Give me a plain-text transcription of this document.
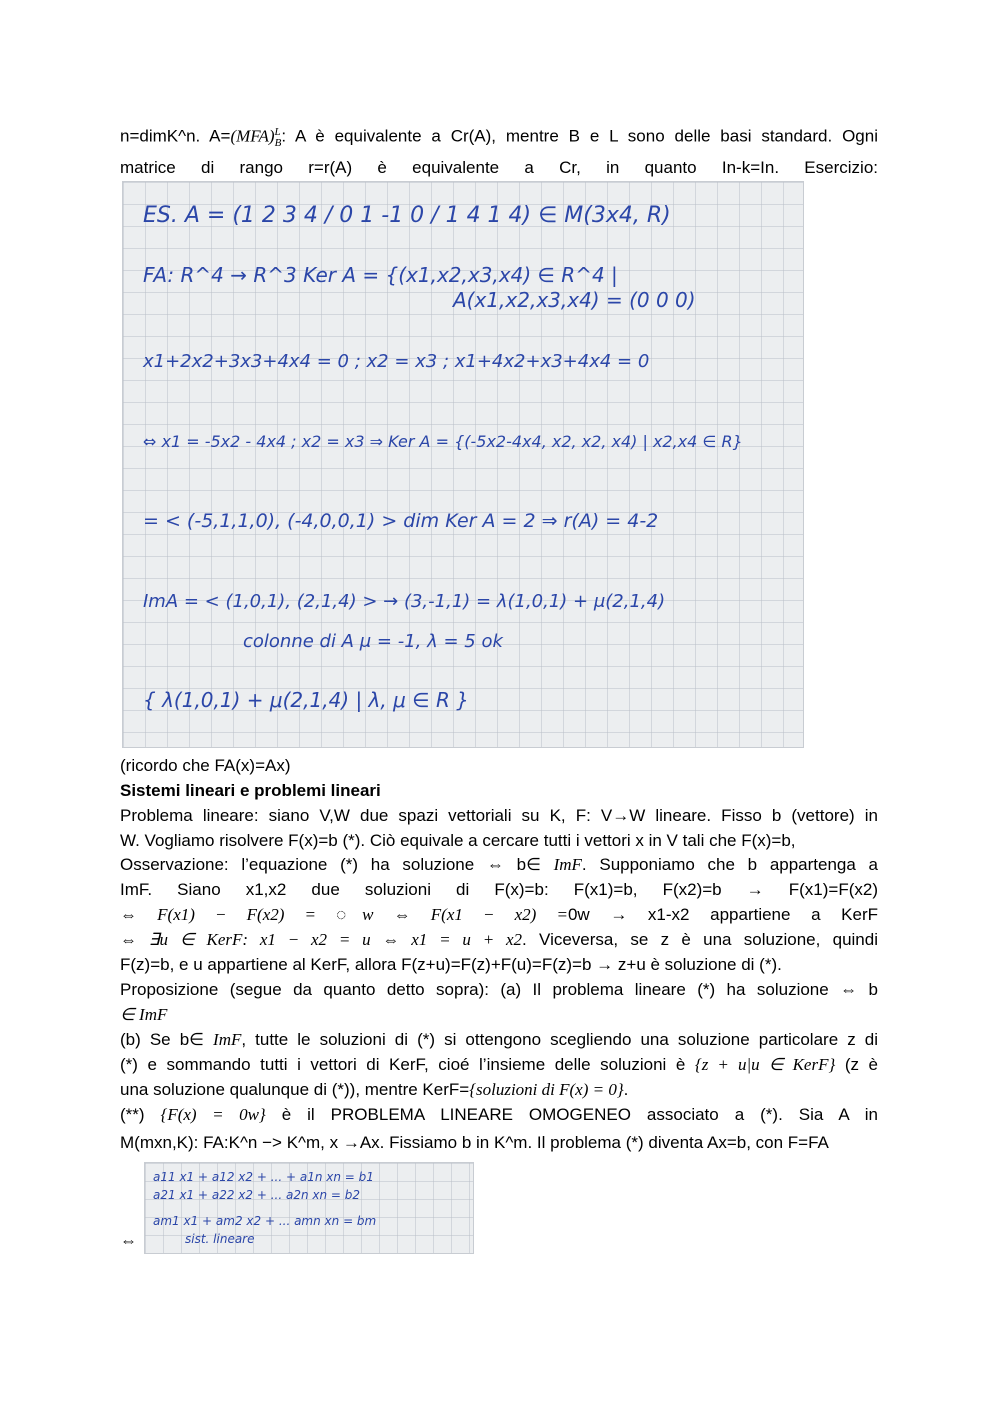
n=dimK^n. A=(MFA)$^L_B$: A è equivalente a Cr(A), mentre B e L sono delle basi standard. Ogni
matrice di rango r=r(A) è equivalente a Cr, in quanto In-k=In. Esercizio:
ES. A = (1 2 3 4 / 0 1 -1 0 / 1 4 1 4) ∈ M(3x4, R)
FA: R^4 → R^3 Ker A = {(x1,x2,x3,x4) ∈ R^4 |
A(x1,x2,x3,x4) = (0 0 0)
x1+2x2+3x3+4x4 = 0 ; x2 = x3 ; x1+4x2+x3+4x4 = 0
⇔ x1 = -5x2 - 4x4 ; x2 = x3 ⇒ Ker A = {(-5x2-4x4, x2, x2, x4) | x2,x4 ∈ R}
= < (-5,1,1,0), (-4,0,0,1) > dim Ker A = 2 ⇒ r(A) = 4-2
ImA = < (1,0,1), (2,1,4) > → (3,-1,1) = λ(1,0,1) + μ(2,1,4)
colonne di A μ = -1, λ = 5 ok
{ λ(1,0,1) + μ(2,1,4) | λ, μ ∈ R }
(ricordo che FA(x)=Ax)
Sistemi lineari e problemi lineari
Problema lineare: siano V,W due spazi vettoriali su K, F: V→W lineare. Fisso b (vettore) in
W. Vogliamo risolvere F(x)=b (*). Ciò equivale a cercare tutti i vettori x in V tali che F(x)=b,
Osservazione: l’equazione (*) ha soluzione ⇔ b∈ ImF. Supponiamo che b appartenga a
ImF. Siano x1,x2 due soluzioni di F(x)=b: F(x1)=b, F(x2)=b → F(x1)=F(x2)
⇔ F(x1) − F(x2) = ◌w ⇔ F(x1 − x2) =0w → x1-x2 appartiene a KerF
⇔ ∃u ∈ KerF: x1 − x2 = u ⇔ x1 = u + x2. Viceversa, se z è una soluzione, quindi
F(z)=b, e u appartiene al KerF, allora F(z+u)=F(z)+F(u)=F(z)=b → z+u è soluzione di (*).
Proposizione (segue da quanto detto sopra): (a) Il problema lineare (*) ha soluzione ⇔ b
∈ ImF
(b) Se b∈ ImF, tutte le soluzioni di (*) si ottengono scegliendo una soluzione particolare z di
(*) e sommando tutti i vettori di KerF, cioé l’insieme delle soluzioni è {z + u|u ∈ KerF} (z è
una soluzione qualunque di (*)), mentre KerF={soluzioni di F(x) = 0}.
(**) {F(x) = 0w} è il PROBLEMA LINEARE OMOGENEO associato a (*). Sia A in
M(mxn,K): FA:K^n −> K^m, x →Ax. Fissiamo b in K^m. Il problema (*) diventa Ax=b, con F=FA
⇔
a11 x1 + a12 x2 + ... + a1n xn = b1
a21 x1 + a22 x2 + ... a2n xn = b2
am1 x1 + am2 x2 + ... amn xn = bm
sist. lineare
